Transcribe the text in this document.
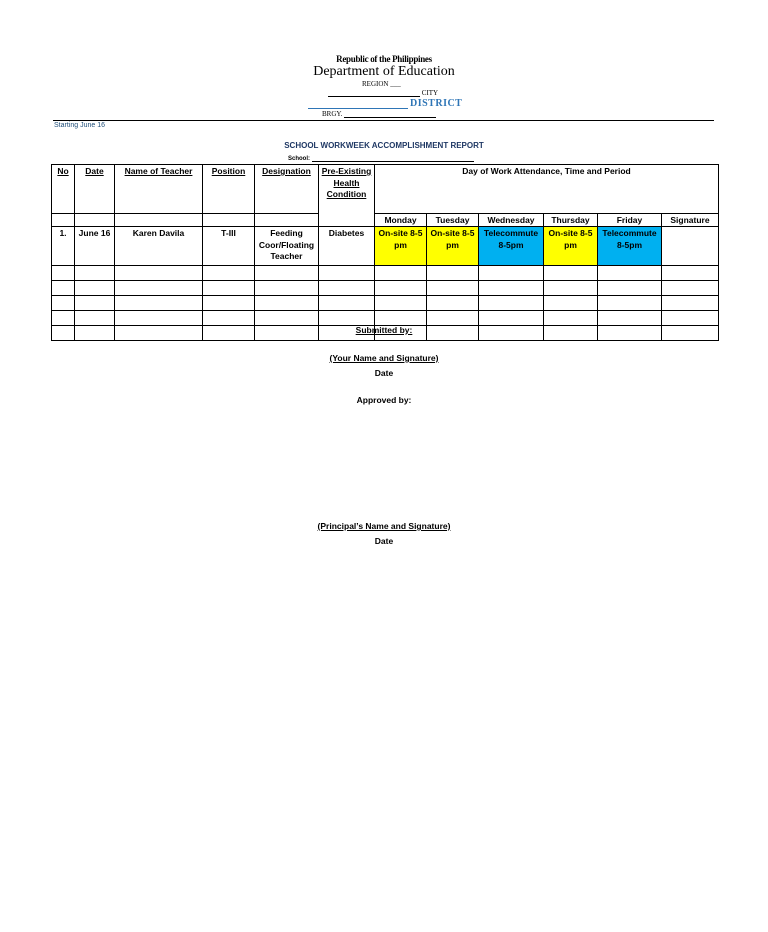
Republic of the Philippines
Department of Education
REGION ___
CITY
DISTRICT
BRGY.
Starting June 16
SCHOOL WORKWEEK ACCOMPLISHMENT REPORT
School:
No	Date	Name of Teacher	Position	Designation	Pre-Existing Health Condition	Day of Work Attendance, Time and Period					
						Monday	Tuesday	Wednesday	Thursday	Friday	Signature
1.	June 16	Karen Davila	T-III	Feeding Coor/Floating Teacher	Diabetes	On-site 8-5 pm	On-site 8-5 pm	Telecommute 8-5pm	On-site 8-5 pm	Telecommute 8-5pm	

Submitted by:
(Your Name and Signature)
Date
Approved by:
(Principal’s Name and Signature)
Date
